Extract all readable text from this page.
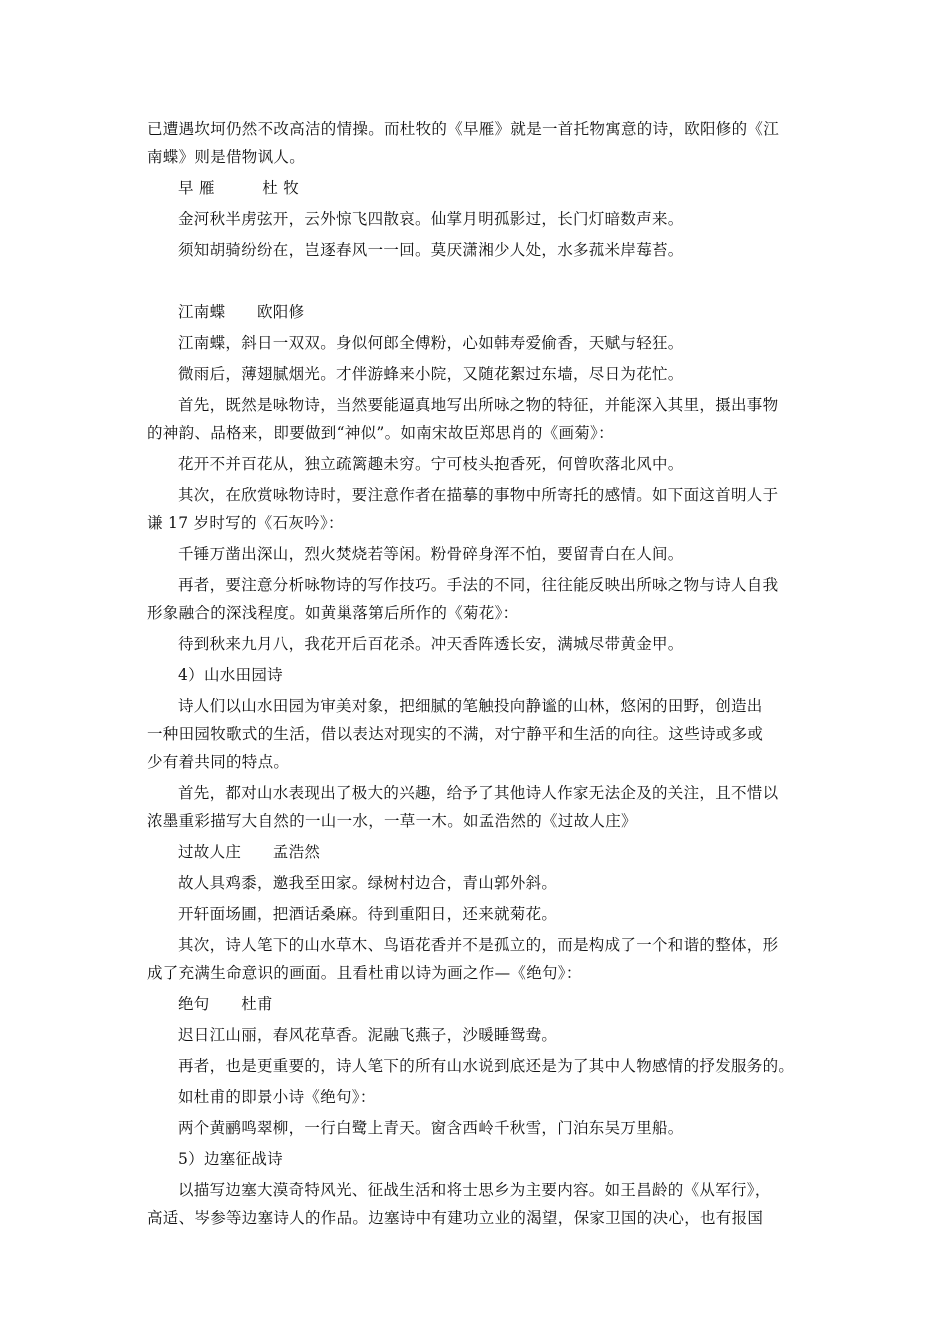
已遭遇坎坷仍然不改高洁的情操。而杜牧的《早雁》就是一首托物寓意的诗，欧阳修的《江
南蝶》则是借物讽人。
早 雁　　　杜 牧
金河秋半虏弦开，云外惊飞四散哀。仙掌月明孤影过，长门灯暗数声来。
须知胡骑纷纷在，岂逐春风一一回。莫厌潇湘少人处，水多菰米岸莓苔。
江南蝶　　欧阳修
江南蝶，斜日一双双。身似何郎全傅粉，心如韩寿爱偷香，天赋与轻狂。
微雨后，薄翅腻烟光。才伴游蜂来小院，又随花絮过东墙，尽日为花忙。
首先，既然是咏物诗，当然要能逼真地写出所咏之物的特征，并能深入其里，摄出事物
的神韵、品格来，即要做到“神似”。如南宋故臣郑思肖的《画菊》：
花开不并百花从，独立疏篱趣未穷。宁可枝头抱香死，何曾吹落北风中。
其次，在欣赏咏物诗时，要注意作者在描摹的事物中所寄托的感情。如下面这首明人于
谦 17 岁时写的《石灰吟》：
千锤万凿出深山，烈火焚烧若等闲。粉骨碎身浑不怕，要留青白在人间。
再者，要注意分析咏物诗的写作技巧。手法的不同，往往能反映出所咏之物与诗人自我
形象融合的深浅程度。如黄巢落第后所作的《菊花》：
待到秋来九月八，我花开后百花杀。冲天香阵透长安，满城尽带黄金甲。
4）山水田园诗
诗人们以山水田园为审美对象，把细腻的笔触投向静谧的山林，悠闲的田野，创造出
一种田园牧歌式的生活，借以表达对现实的不满，对宁静平和生活的向往。这些诗或多或
少有着共同的特点。
首先，都对山水表现出了极大的兴趣，给予了其他诗人作家无法企及的关注，且不惜以
浓墨重彩描写大自然的一山一水，一草一木。如孟浩然的《过故人庄》
过故人庄　　孟浩然
故人具鸡黍，邀我至田家。绿树村边合，青山郭外斜。
开轩面场圃，把酒话桑麻。待到重阳日，还来就菊花。
其次，诗人笔下的山水草木、鸟语花香并不是孤立的，而是构成了一个和谐的整体，形
成了充满生命意识的画面。且看杜甫以诗为画之作—《绝句》：
绝句　　杜甫
迟日江山丽，春风花草香。泥融飞燕子，沙暖睡鸳鸯。
再者，也是更重要的，诗人笔下的所有山水说到底还是为了其中人物感情的抒发服务的。
如杜甫的即景小诗《绝句》：
两个黄鹂鸣翠柳，一行白鹭上青天。窗含西岭千秋雪，门泊东吴万里船。
5）边塞征战诗
以描写边塞大漠奇特风光、征战生活和将士思乡为主要内容。如王昌龄的《从军行》，
高适、岑参等边塞诗人的作品。边塞诗中有建功立业的渴望，保家卫国的决心，也有报国
